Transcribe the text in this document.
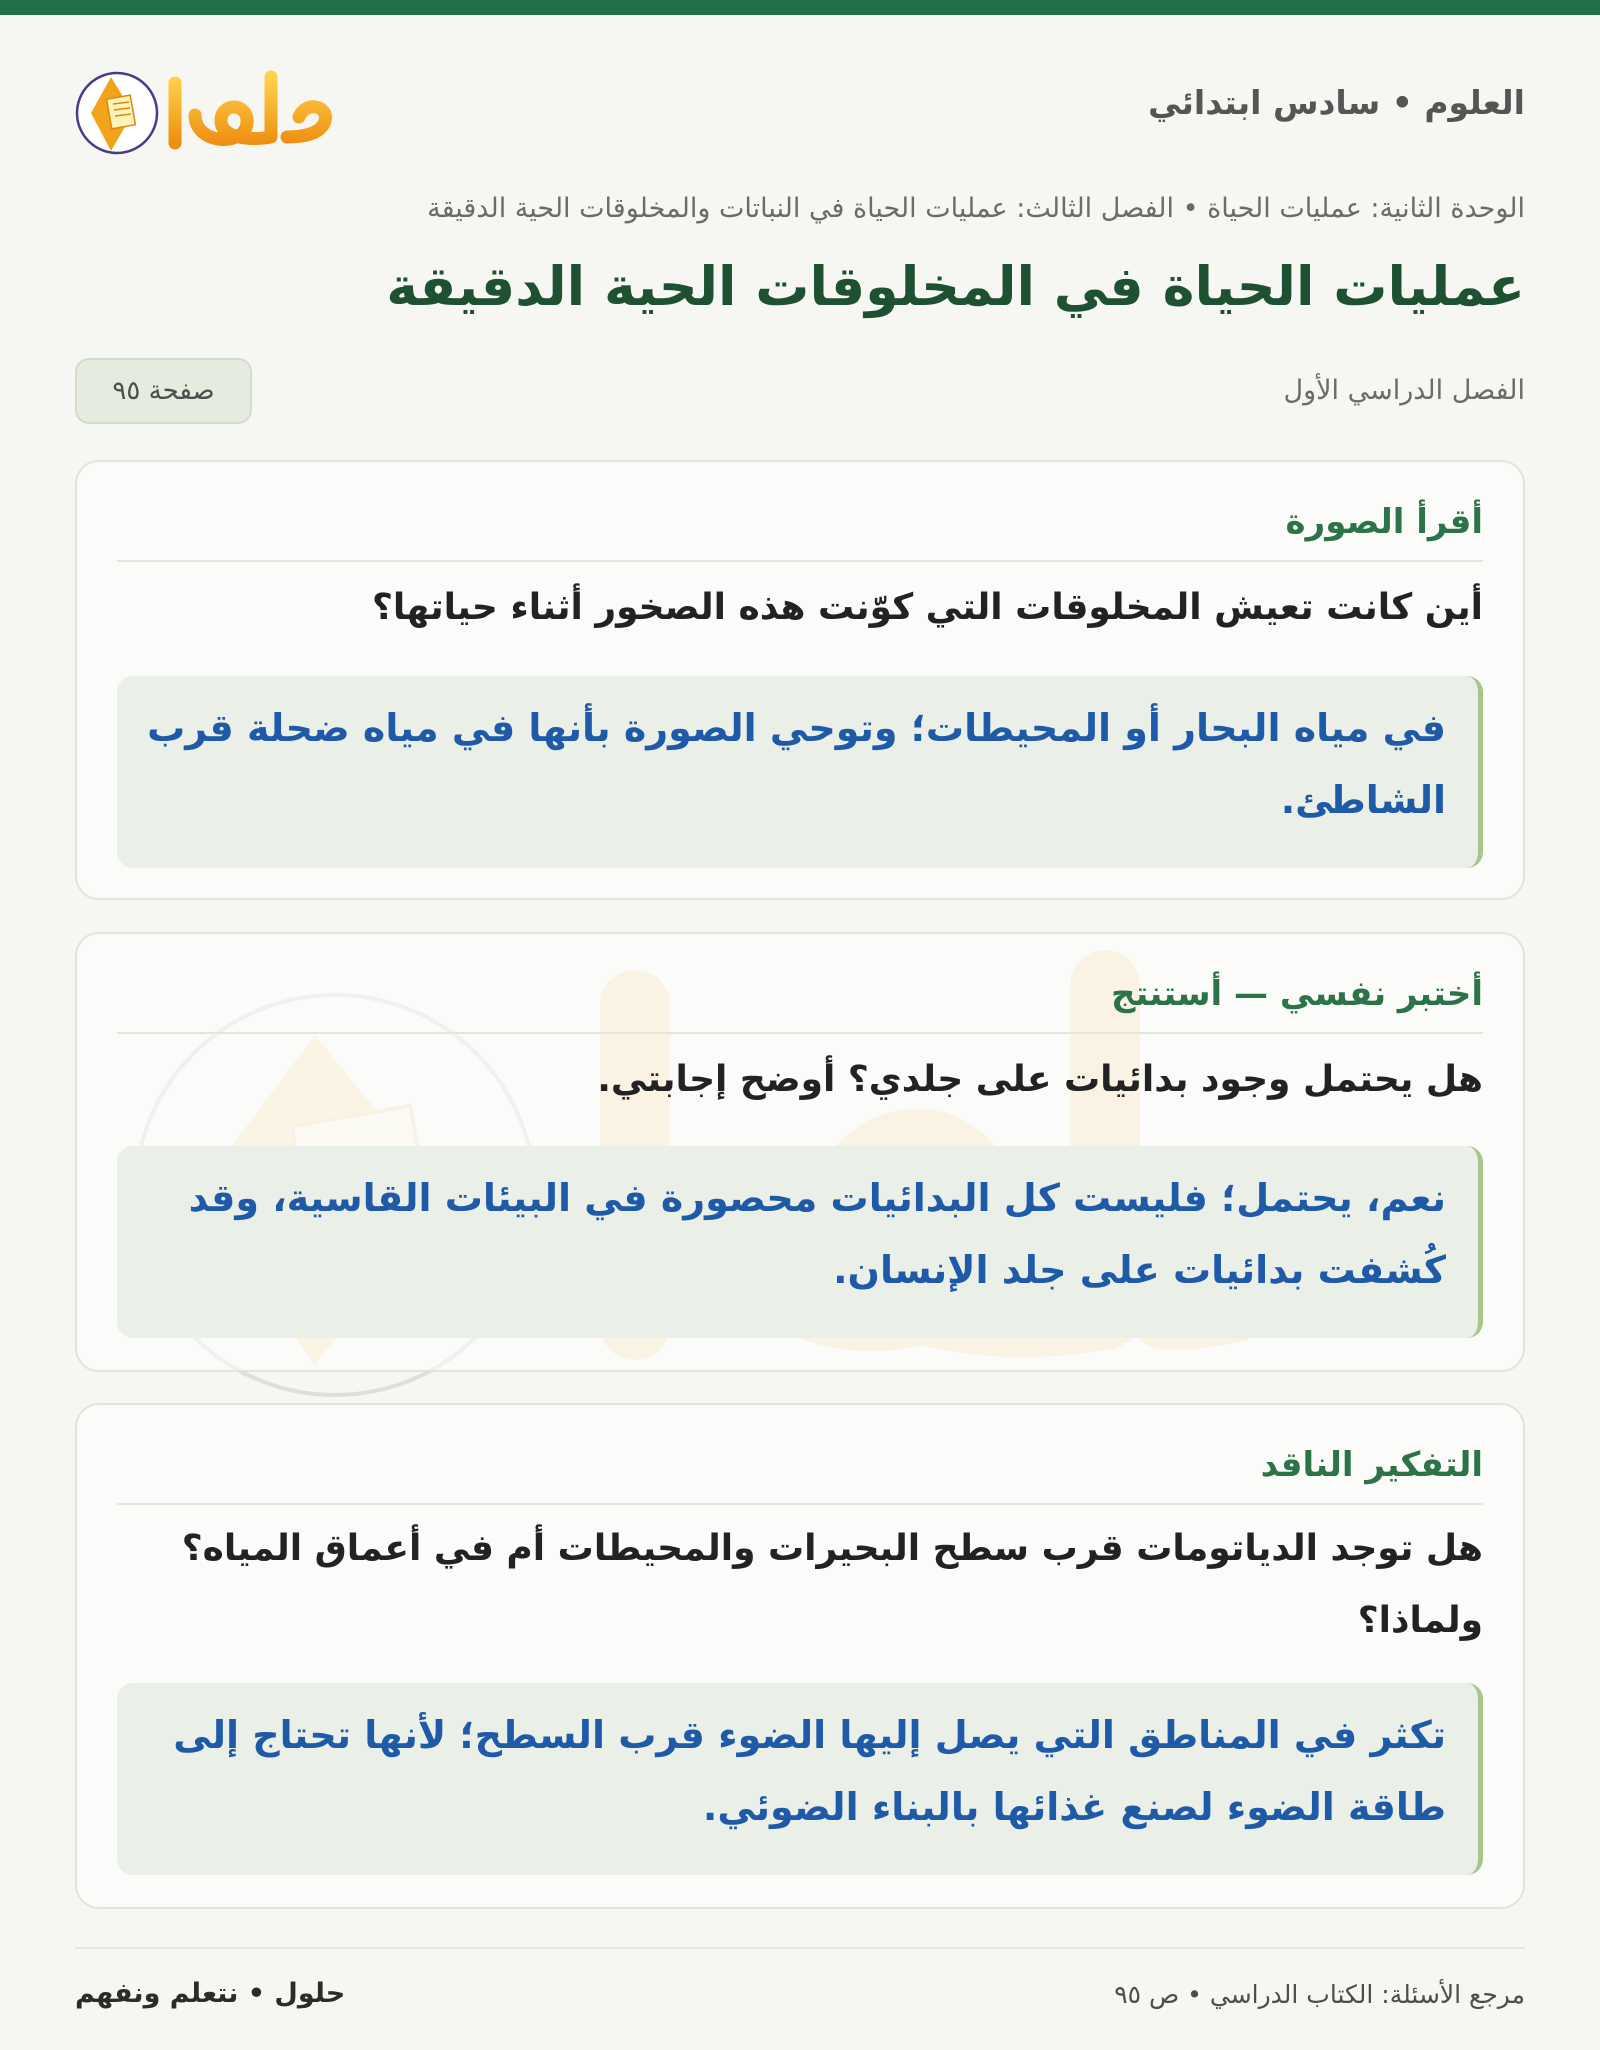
العلوم • سادس ابتدائي
الوحدة الثانية: عمليات الحياة • الفصل الثالث: عمليات الحياة في النباتات والمخلوقات الحية الدقيقة
عمليات الحياة في المخلوقات الحية الدقيقة
الفصل الدراسي الأول
صفحة ٩٥
أقرأ الصورة

أين كانت تعيش المخلوقات التي كوّنت هذه الصخور أثناء حياتها؟

في مياه البحار أو المحيطات؛ وتوحي الصورة بأنها في مياه ضحلة قرب الشاطئ.
أختبر نفسي — أستنتج

هل يحتمل وجود بدائيات على جلدي؟ أوضح إجابتي.

نعم، يحتمل؛ فليست كل البدائيات محصورة في البيئات القاسية، وقد كُشفت بدائيات على جلد الإنسان.
التفكير الناقد

هل توجد الدياتومات قرب سطح البحيرات والمحيطات أم في أعماق المياه؟ ولماذا؟

تكثر في المناطق التي يصل إليها الضوء قرب السطح؛ لأنها تحتاج إلى طاقة الضوء لصنع غذائها بالبناء الضوئي.
مرجع الأسئلة: الكتاب الدراسي • ص ٩٥
حلول • نتعلم ونفهم
